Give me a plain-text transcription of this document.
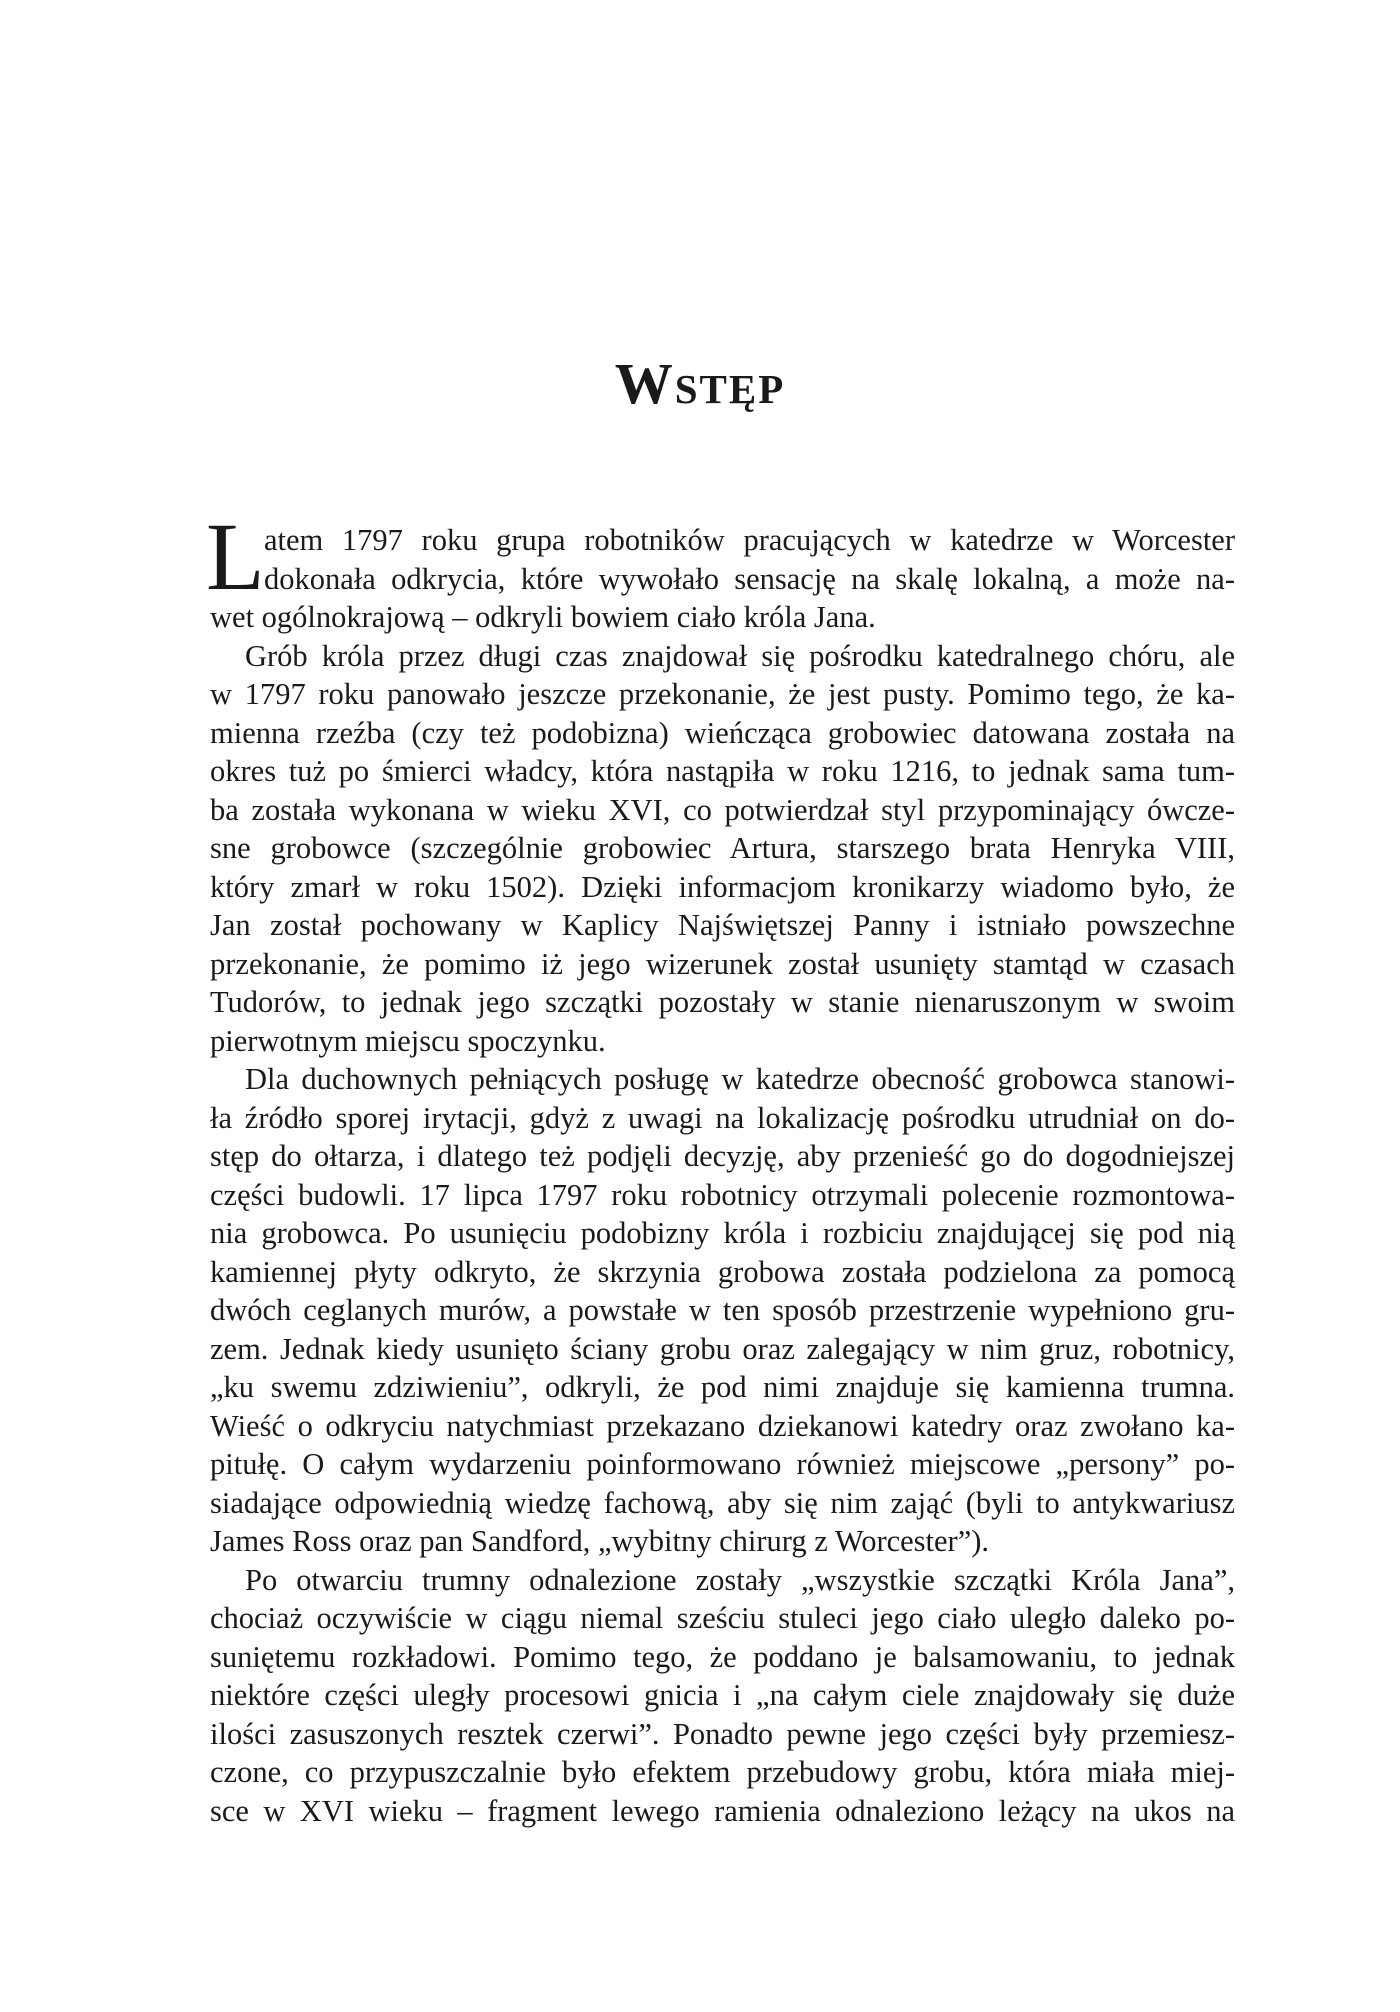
Wstęp
L atem 1797 roku grupa robotników pracujących w katedrze w Worcester
dokonała odkrycia, które wywołało sensację na skalę lokalną, a może na-
wet ogólnokrajową – odkryli bowiem ciało króla Jana.
Grób króla przez długi czas znajdował się pośrodku katedralnego chóru, ale
w 1797 roku panowało jeszcze przekonanie, że jest pusty. Pomimo tego, że ka-
mienna rzeźba (czy też podobizna) wieńcząca grobowiec datowana została na
okres tuż po śmierci władcy, która nastąpiła w roku 1216, to jednak sama tum-
ba została wykonana w wieku XVI, co potwierdzał styl przypominający ówcze-
sne grobowce (szczególnie grobowiec Artura, starszego brata Henryka VIII,
który zmarł w roku 1502). Dzięki informacjom kronikarzy wiadomo było, że
Jan został pochowany w Kaplicy Najświętszej Panny i istniało powszechne
przekonanie, że pomimo iż jego wizerunek został usunięty stamtąd w czasach
Tudorów, to jednak jego szczątki pozostały w stanie nienaruszonym w swoim
pierwotnym miejscu spoczynku.
Dla duchownych pełniących posługę w katedrze obecność grobowca stanowi-
ła źródło sporej irytacji, gdyż z uwagi na lokalizację pośrodku utrudniał on do-
stęp do ołtarza, i dlatego też podjęli decyzję, aby przenieść go do dogodniejszej
części budowli. 17 lipca 1797 roku robotnicy otrzymali polecenie rozmontowa-
nia grobowca. Po usunięciu podobizny króla i rozbiciu znajdującej się pod nią
kamiennej płyty odkryto, że skrzynia grobowa została podzielona za pomocą
dwóch ceglanych murów, a powstałe w ten sposób przestrzenie wypełniono gru-
zem. Jednak kiedy usunięto ściany grobu oraz zalegający w nim gruz, robotnicy,
„ku swemu zdziwieniu”, odkryli, że pod nimi znajduje się kamienna trumna.
Wieść o odkryciu natychmiast przekazano dziekanowi katedry oraz zwołano ka-
pitułę. O całym wydarzeniu poinformowano również miejscowe „persony” po-
siadające odpowiednią wiedzę fachową, aby się nim zająć (byli to antykwariusz
James Ross oraz pan Sandford, „wybitny chirurg z Worcester”).
Po otwarciu trumny odnalezione zostały „wszystkie szczątki Króla Jana”,
chociaż oczywiście w ciągu niemal sześciu stuleci jego ciało uległo daleko po-
suniętemu rozkładowi. Pomimo tego, że poddano je balsamowaniu, to jednak
niektóre części uległy procesowi gnicia i „na całym ciele znajdowały się duże
ilości zasuszonych resztek czerwi”. Ponadto pewne jego części były przemiesz-
czone, co przypuszczalnie było efektem przebudowy grobu, która miała miej-
sce w XVI wieku – fragment lewego ramienia odnaleziono leżący na ukos na
